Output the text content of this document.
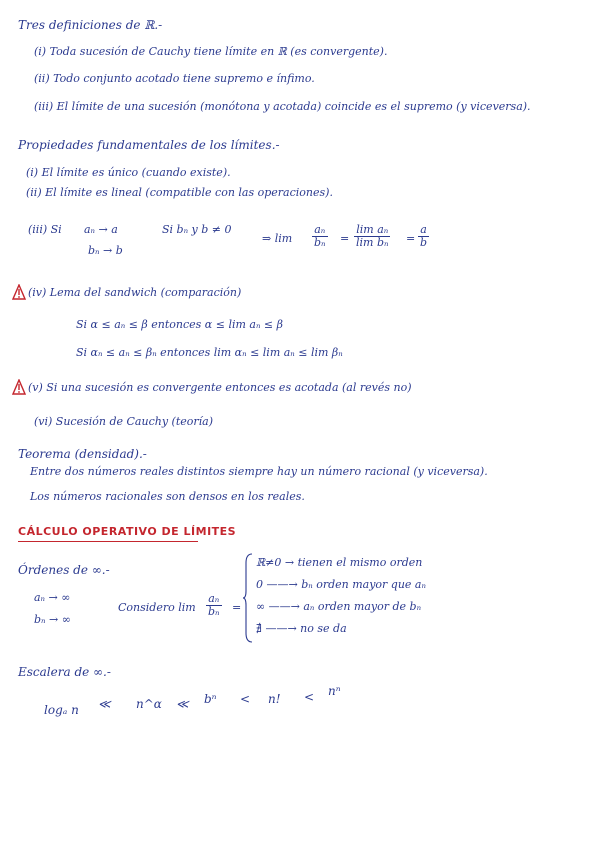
Tres definiciones de ℝ.-
(i) Toda sucesión de Cauchy tiene límite en ℝ (es convergente).
(ii) Todo conjunto acotado tiene supremo e ínfimo.
(iii) El límite de una sucesión (monótona y acotada) coincide es el supremo (y viceversa).
Propiedades fundamentales de los límites.-
(i) El límite es único (cuando existe).
(ii) El límite es lineal (compatible con las operaciones).
(iii) Si aₙ → a
bₙ → b
Si bₙ y b ≠ 0
⇒ $\lim \frac{\text{aₙ}}{\text{bₙ}} = \frac{\text{lim aₙ}}{\text{lim bₙ}} = \frac{a}{b}$
(iv) Lema del sandwich (comparación)
Si α ≤ aₙ ≤ β entonces α ≤ lim aₙ ≤ β
Si αₙ ≤ aₙ ≤ βₙ entonces lim αₙ ≤ lim aₙ ≤ lim βₙ
(v) Si una sucesión es convergente entonces es acotada (al revés no)
(vi) Sucesión de Cauchy (teoría)
Teorema (densidad).-
Entre dos números reales distintos siempre hay un número racional (y viceversa).
Los números racionales son densos en los reales.
CÁLCULO OPERATIVO DE LÍMITES
Órdenes de ∞.-
aₙ → ∞
bₙ → ∞
Considero $\lim \frac{\text{aₙ}}{\text{bₙ}}$ =
ℝ≠0 → tienen el mismo orden
0 ——→ bₙ orden mayor que aₙ
∞ ——→ aₙ orden mayor de bₙ
∄ ——→ no se da
Escalera de ∞.-
logₐ n ≪ n^α ≪ bⁿ < n! < nⁿ
